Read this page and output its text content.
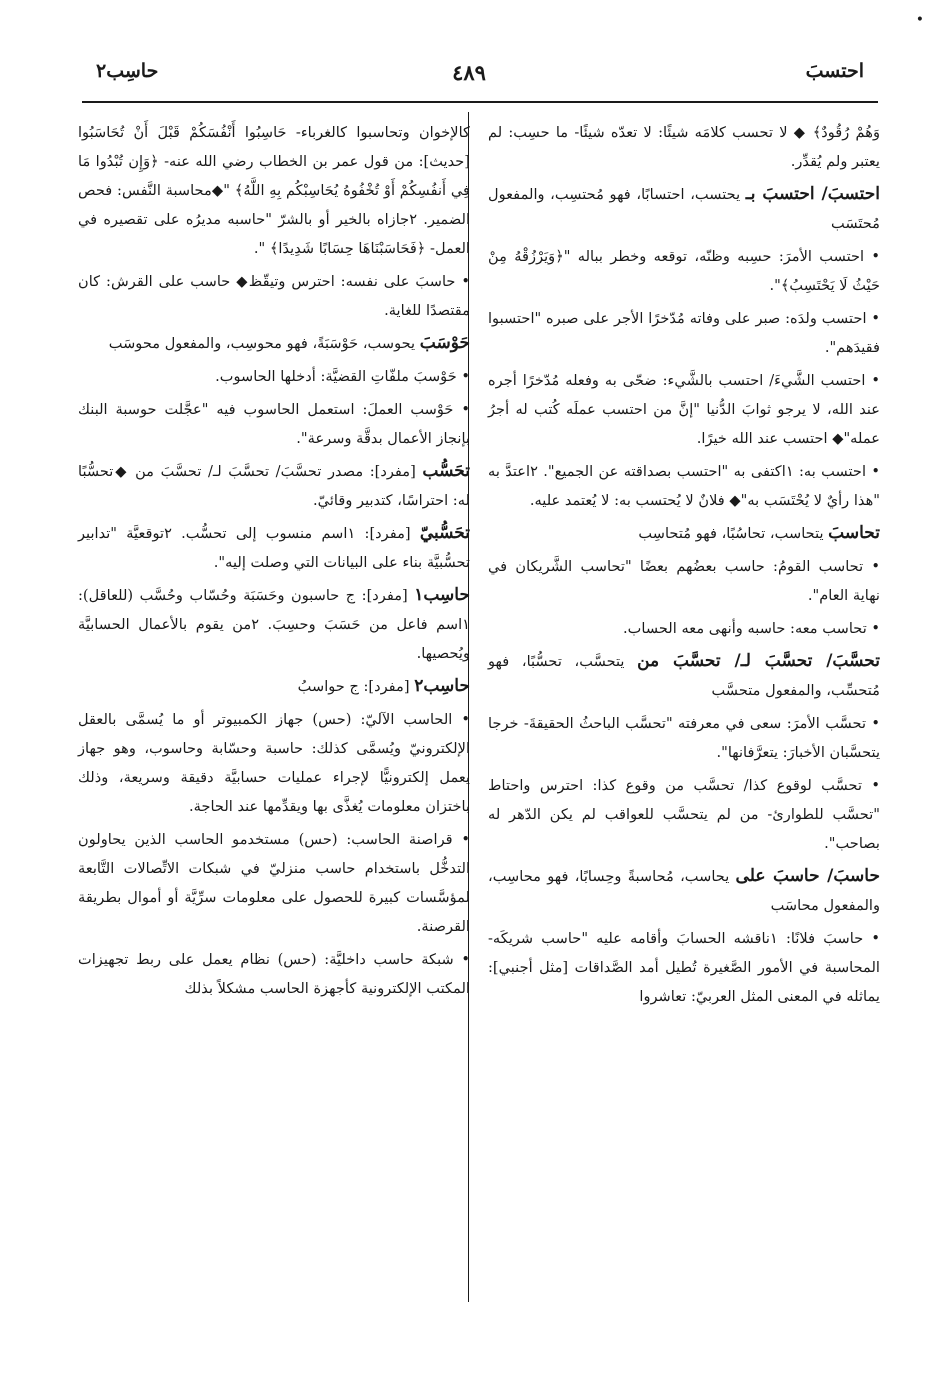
•
احتسبَ
٤٨٩
حاسِب٢

وَهُمْ رُقُودٌ﴾ ◆ لا تحسب كلامَه شيئًا: لا تعدّه شيئًا- ما حسِب: لم يعتبر ولم يُقدِّر.

احتسبَ/ احتسبَ بـ يحتسب، احتسابًا، فهو مُحتسِب، والمفعول مُحتَسَب

• احتسب الأمرَ: حسِبه وظنّه، توقعه وخطر بباله "﴿وَيَرْزُقْهُ مِنْ حَيْثُ لَا يَحْتَسِبُ﴾".

• احتسب ولدَه: صبر على وفاته مُدّخرًا الأجر على صبره "احتسبوا فقيدَهم".

• احتسب الشَّيءَ/ احتسب بالشَّيء: ضحّى به وفعله مُدّخرًا أجره عند الله، لا يرجو ثوابَ الدُّنيا "إنَّ من احتسب عملَه كُتب له أجرُ عمله"◆ احتسب عند الله خيرًا.

• احتسب به: ١اكتفى به "احتسب بصداقته عن الجميع". ٢اعتدَّ به "هذا رأيٌ لا يُحْتَسَب به"◆ فلانٌ لا يُحتسب به: لا يُعتمد عليه.

تحاسبَ يتحاسب، تحاسُبًا، فهو مُتحاسِب

• تحاسب القومُ: حاسب بعضُهم بعضًا "تحاسب الشَّريكان في نهاية العام".

• تحاسب معه: حاسبه وأنهى معه الحساب.

تحسَّبَ/ تحسَّبَ لـ/ تحسَّبَ من يتحسَّب، تحسُّبًا، فهو مُتحسِّب، والمفعول متحسَّب

• تحسَّب الأمرَ: سعى في معرفته "تحسَّب الباحثُ الحقيقةَ- خرجا يتحسَّبان الأخبارَ: يتعرَّفانها".

• تحسَّب لوقوع كذا/ تحسَّب من وقوع كذا: احترس واحتاط "تحسَّب للطوارئ- من لم يتحسَّب للعواقب لم يكن الدّهر له بصاحب".

حاسبَ/ حاسبَ على يحاسب، مُحاسبةً وحِسابًا، فهو محاسِب، والمفعول محاسَب

• حاسبَ فلانًا: ١ناقشه الحسابَ وأقامه عليه "حاسب شريكَه- المحاسبة في الأمور الصَّغيرة تُطيل أمد الصَّداقات [مثل أجنبي]: يماثله في المعنى المثل العربيّ: تعاشروا

كالإخوان وتحاسبوا كالغرباء- حَاسِبُوا أَنْفُسَكُمْ قَبْلَ أَنْ تُحَاسَبُوا [حديث]: من قول عمر بن الخطاب رضي الله عنه- ﴿وَإِن تُبْدُوا مَا فِي أَنفُسِكُمْ أَوْ تُخْفُوهُ يُحَاسِبْكُم بِهِ اللَّهُ﴾ "◆محاسبة النَّفس: فحص الضمير. ٢جازاه بالخير أو بالشرّ "حاسبه مديرُه على تقصيره في العمل- ﴿فَحَاسَبْنَاهَا حِسَابًا شَدِيدًا﴾ ".

• حاسبَ على نفسه: احترس وتيقّظ◆ حاسب على القرش: كان مقتصدًا للغاية.

حَوْسَبَ يحوسب، حَوْسَبَةً، فهو محوسِب، والمفعول محوسَب

• حَوْسبَ ملفّاتِ القضيَّة: أدخلها الحاسوب.

• حَوْسب العملَ: استعمل الحاسوب فيه "عجَّلت حوسبة البنك بإنجاز الأعمال بدقَّة وسرعة".

تحَسُّب [مفرد]: مصدر تحسَّبَ/ تحسَّبَ لـ/ تحسَّبَ من ◆تحسُّبًا له: احتراسًا، كتدبير وقائيّ.

تحَسُّبيّ [مفرد]: ١اسم منسوب إلى تحسُّب. ٢توقعيَّة "تدابير تحسُّبيَّة بناء على البيانات التي وصلت إليه".

حاسِب١ [مفرد]: ج حاسبون وحَسَبَة وحُسّاب وحُسَّب (للعاقل): ١اسم فاعل من حَسَبَ وحسِبَ. ٢من يقوم بالأعمال الحسابيَّة ويُحصيها.

حاسِب٢ [مفرد]: ج حواسبُ

• الحاسب الآليّ: (حس) جهاز الكمبيوتر أو ما يُسمَّى بالعقل الإلكترونيّ ويُسمَّى كذلك: حاسبة وحسّابة وحاسوب، وهو جهاز يعمل إلكترونيًّا لإجراء عمليات حسابيَّة دقيقة وسريعة، وذلك باختزان معلومات يُغذَّى بها ويقدِّمها عند الحاجة.

• قراصنة الحاسب: (حس) مستخدمو الحاسب الذين يحاولون التدخُّل باستخدام حاسب منزليّ في شبكات الاتِّصالات التَّابعة لمؤسَّسات كبيرة للحصول على معلومات سرِّيَّة أو أموال بطريقة القرصنة.

• شبكة حاسب داخليَّة: (حس) نظام يعمل على ربط تجهيزات المكتب الإلكترونية كأجهزة الحاسب مشكلاً بذلك
